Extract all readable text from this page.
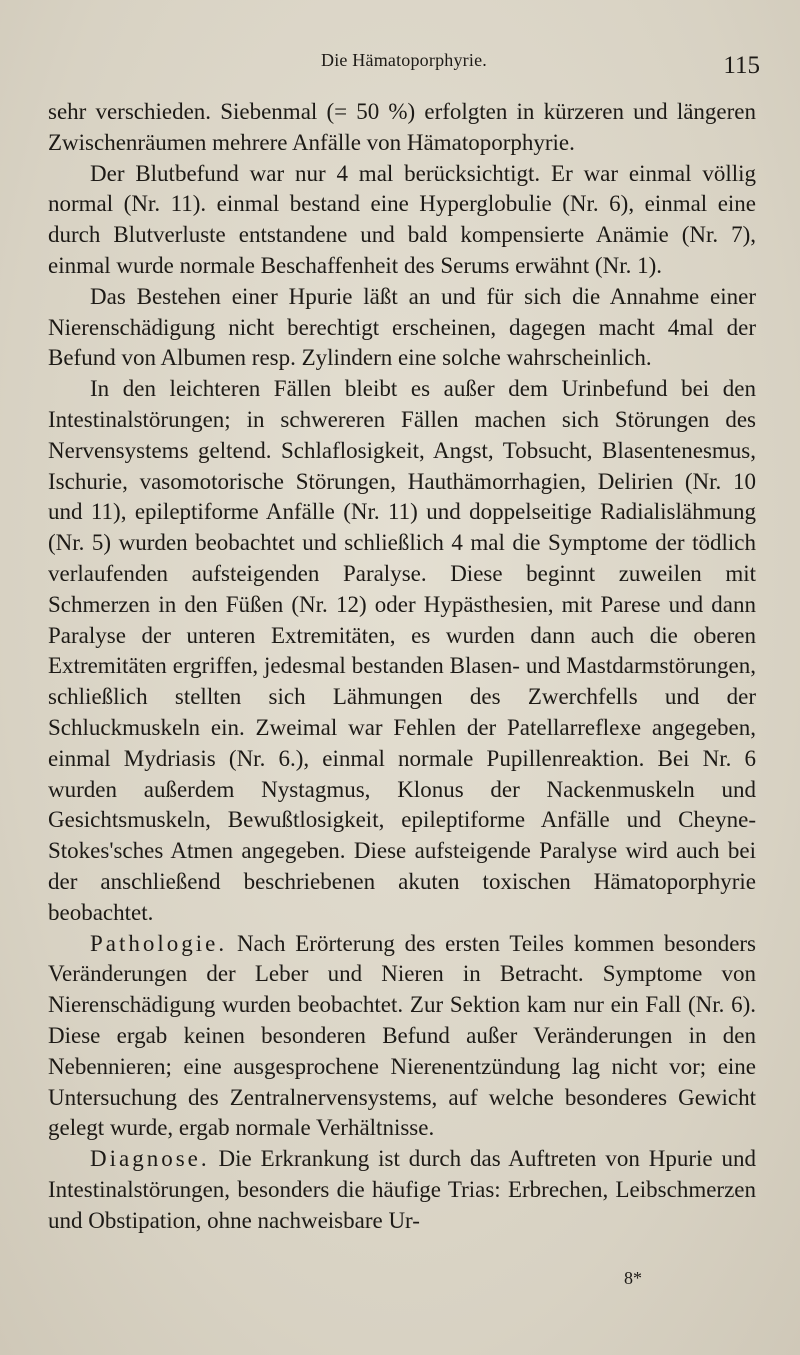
Die Hämatoporphyrie.	115

sehr verschieden. Siebenmal (= 50 %) erfolgten in kürzeren und längeren Zwischenräumen mehrere Anfälle von Hämatoporphyrie.

Der Blutbefund war nur 4 mal berücksichtigt. Er war einmal völlig normal (Nr. 11). einmal bestand eine Hyperglobulie (Nr. 6), einmal eine durch Blutverluste entstandene und bald kompensierte Anämie (Nr. 7), einmal wurde normale Beschaffenheit des Serums erwähnt (Nr. 1).

Das Bestehen einer Hpurie läßt an und für sich die Annahme einer Nierenschädigung nicht berechtigt erscheinen, dagegen macht 4mal der Befund von Albumen resp. Zylindern eine solche wahrscheinlich.

In den leichteren Fällen bleibt es außer dem Urinbefund bei den Intestinalstörungen; in schwereren Fällen machen sich Störungen des Nervensystems geltend. Schlaflosigkeit, Angst, Tobsucht, Blasentenesmus, Ischurie, vasomotorische Störungen, Hauthämorrhagien, Delirien (Nr. 10 und 11), epileptiforme Anfälle (Nr. 11) und doppelseitige Radialislähmung (Nr. 5) wurden beobachtet und schließlich 4 mal die Symptome der tödlich verlaufenden aufsteigenden Paralyse. Diese beginnt zuweilen mit Schmerzen in den Füßen (Nr. 12) oder Hypästhesien, mit Parese und dann Paralyse der unteren Extremitäten, es wurden dann auch die oberen Extremitäten ergriffen, jedesmal bestanden Blasen- und Mastdarmstörungen, schließlich stellten sich Lähmungen des Zwerchfells und der Schluckmuskeln ein. Zweimal war Fehlen der Patellarreflexe angegeben, einmal Mydriasis (Nr. 6.), einmal normale Pupillenreaktion. Bei Nr. 6 wurden außerdem Nystagmus, Klonus der Nackenmuskeln und Gesichtsmuskeln, Bewußtlosigkeit, epileptiforme Anfälle und Cheyne-Stokes'sches Atmen angegeben. Diese aufsteigende Paralyse wird auch bei der anschließend beschriebenen akuten toxischen Hämatoporphyrie beobachtet.

Pathologie. Nach Erörterung des ersten Teiles kommen besonders Veränderungen der Leber und Nieren in Betracht. Symptome von Nierenschädigung wurden beobachtet. Zur Sektion kam nur ein Fall (Nr. 6). Diese ergab keinen besonderen Befund außer Veränderungen in den Nebennieren; eine ausgesprochene Nierenentzündung lag nicht vor; eine Untersuchung des Zentralnervensystems, auf welche besonderes Gewicht gelegt wurde, ergab normale Verhältnisse.

Diagnose. Die Erkrankung ist durch das Auftreten von Hpurie und Intestinalstörungen, besonders die häufige Trias: Erbrechen, Leibschmerzen und Obstipation, ohne nachweisbare Ur-

8*
